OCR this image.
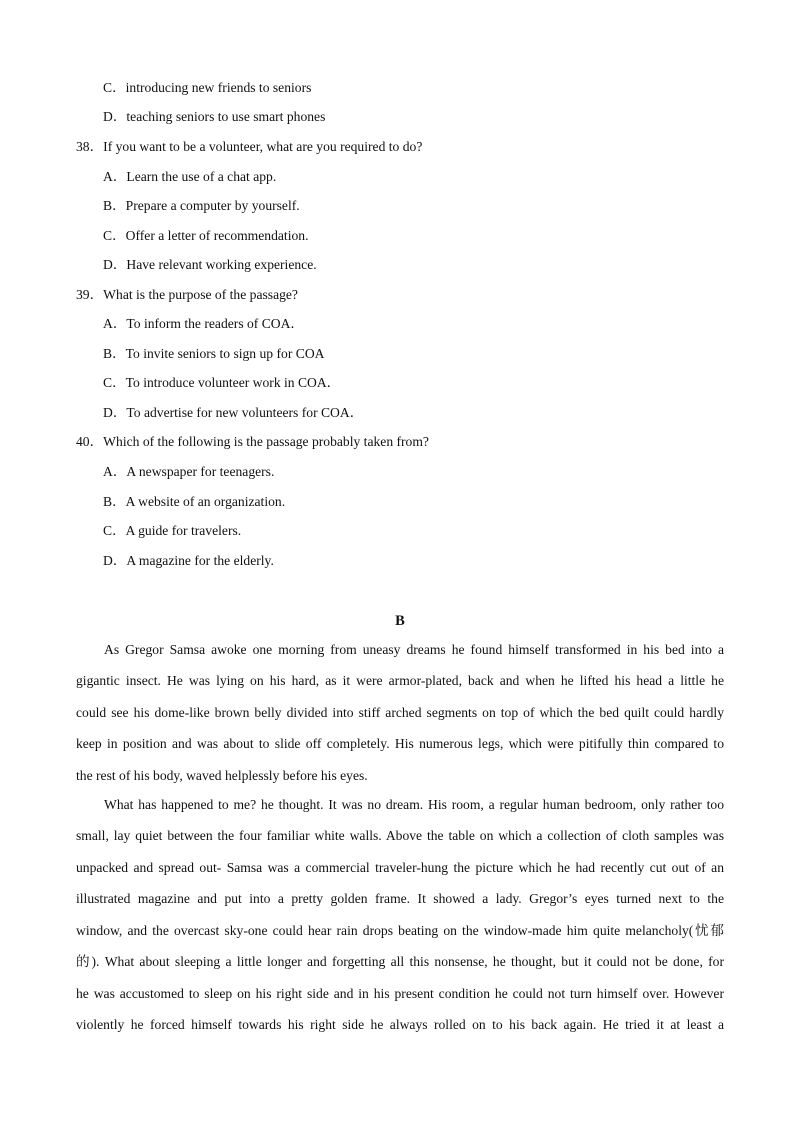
C．introducing new friends to seniors
D．teaching seniors to use smart phones
38．If you want to be a volunteer, what are you required to do?
A．Learn the use of a chat app.
B．Prepare a computer by yourself.
C．Offer a letter of recommendation.
D．Have relevant working experience.
39．What is the purpose of the passage?
A．To inform the readers of COA．
B．To invite seniors to sign up for COA
C．To introduce volunteer work in COA．
D．To advertise for new volunteers for COA．
40．Which of the following is the passage probably taken from?
A．A newspaper for teenagers.
B．A website of an organization.
C．A guide for travelers.
D．A magazine for the elderly.
B
As Gregor Samsa awoke one morning from uneasy dreams he found himself transformed in his bed into a
gigantic insect. He was lying on his hard, as it were armor-plated, back and when he lifted his head a little he
could see his dome-like brown belly divided into stiff arched segments on top of which the bed quilt could hardly
keep in position and was about to slide off completely. His numerous legs, which were pitifully thin compared to
the rest of his body, waved helplessly before his eyes.
What has happened to me? he thought. It was no dream. His room, a regular human bedroom, only rather too
small, lay quiet between the four familiar white walls. Above the table on which a collection of cloth samples was
unpacked and spread out- Samsa was a commercial traveler-hung the picture which he had recently cut out of an
illustrated magazine and put into a pretty golden frame. It showed a lady. Gregor’s eyes turned next to the
window, and the overcast sky-one could hear rain drops beating on the window-made him quite melancholy(忧郁
的). What about sleeping a little longer and forgetting all this nonsense, he thought, but it could not be done, for
he was accustomed to sleep on his right side and in his present condition he could not turn himself over. However
violently he forced himself towards his right side he always rolled on to his back again. He tried it at least a
